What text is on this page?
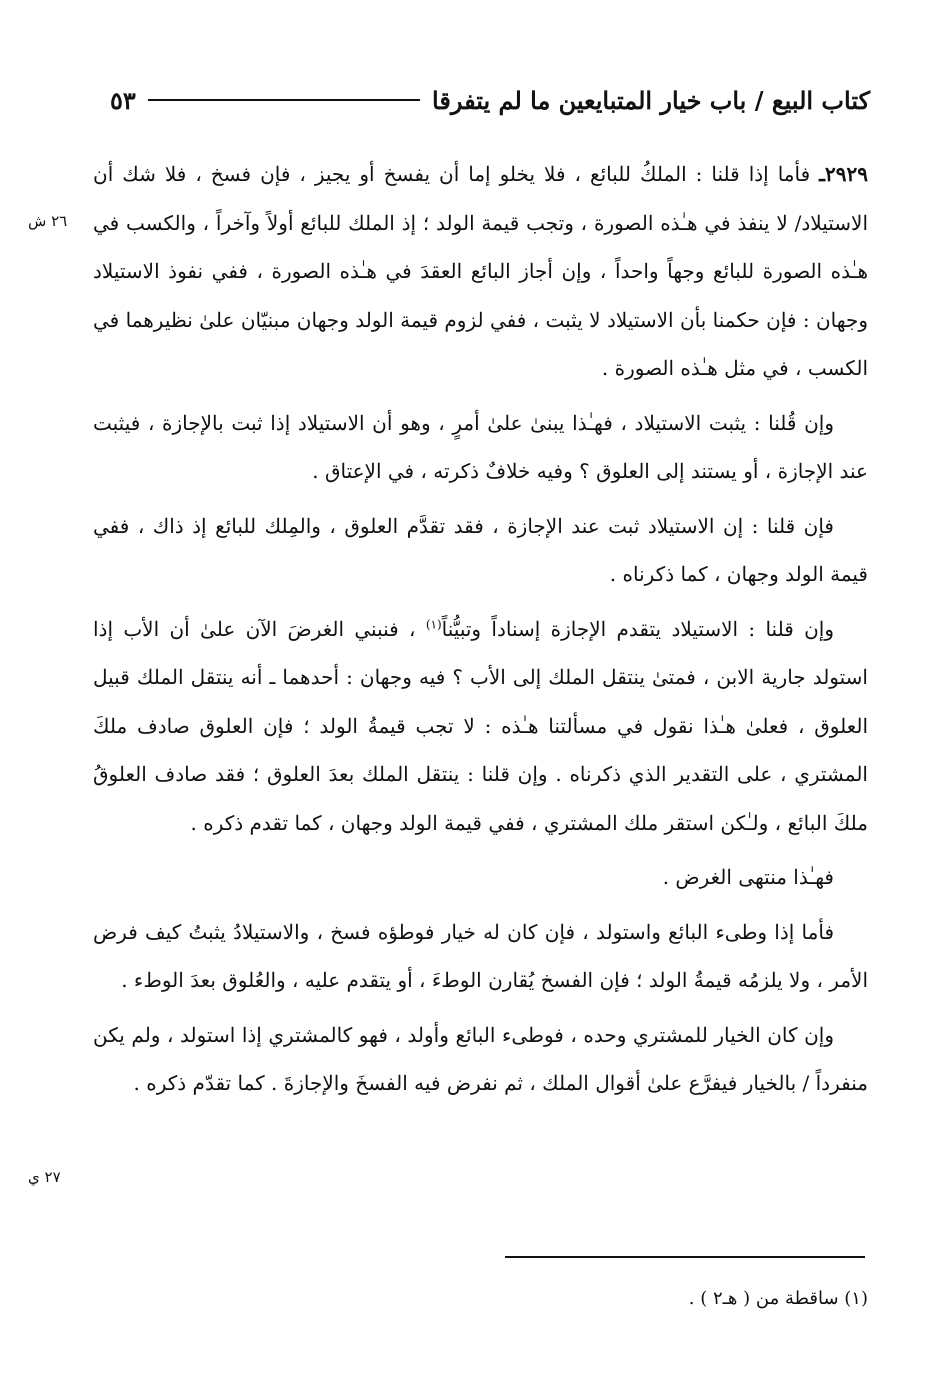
كتاب البيع / باب خيار المتبايعين ما لم يتفرقا
٥٣
٢٦ ش
٢٧ ي

٢٩٢٩ـ فأما إذا قلنا : الملكُ للبائع ، فلا يخلو إما أن يفسخ أو يجيز ، فإن فسخ ، فلا شك أن الاستيلاد/ لا ينفذ في هـٰذه الصورة ، وتجب قيمة الولد ؛ إذ الملك للبائع أولاً وآخراً ، والكسب في هـٰذه الصورة للبائع وجهاً واحداً ، وإن أجاز البائع العقدَ في هـٰذه الصورة ، ففي نفوذ الاستيلاد وجهان : فإن حكمنا بأن الاستيلاد لا يثبت ، ففي لزوم قيمة الولد وجهان مبنيّان علىٰ نظيرهما في الكسب ، في مثل هـٰذه الصورة .

وإن قُلنا : يثبت الاستيلاد ، فهـٰذا يبنىٰ علىٰ أمرٍ ، وهو أن الاستيلاد إذا ثبت بالإجازة ، فيثبت عند الإجازة ، أو يستند إلى العلوق ؟ وفيه خلافٌ ذكرته ، في الإعتاق .

فإن قلنا : إن الاستيلاد ثبت عند الإجازة ، فقد تقدَّم العلوق ، والمِلك للبائع إذ ذاك ، ففي قيمة الولد وجهان ، كما ذكرناه .

وإن قلنا : الاستيلاد يتقدم الإجازة إسناداً وتبيُّناً$^{(١)}$ ، فنبني الغرضَ الآن علىٰ أن الأب إذا استولد جارية الابن ، فمتىٰ ينتقل الملك إلى الأب ؟ فيه وجهان : أحدهما ـ أنه ينتقل الملك قبيل العلوق ، فعلىٰ هـٰذا نقول في مسألتنا هـٰذه : لا تجب قيمةُ الولد ؛ فإن العلوق صادف ملكَ المشتري ، على التقدير الذي ذكرناه . وإن قلنا : ينتقل الملك بعدَ العلوق ؛ فقد صادف العلوقُ ملكَ البائع ، ولـٰكن استقر ملك المشتري ، ففي قيمة الولد وجهان ، كما تقدم ذكره .

فهـٰذا منتهى الغرض .

فأما إذا وطىء البائع واستولد ، فإن كان له خيار فوطؤه فسخ ، والاستيلادُ يثبتُ كيف فرض الأمر ، ولا يلزمُه قيمةُ الولد ؛ فإن الفسخ يُقارن الوطءَ ، أو يتقدم عليه ، والعُلوق بعدَ الوطء .

وإن كان الخيار للمشتري وحده ، فوطىء البائع وأولد ، فهو كالمشتري إذا استولد ، ولم يكن منفرداً / بالخيار فيفرَّع علىٰ أقوال الملك ، ثم نفرض فيه الفسخَ والإجازةَ . كما تقدّم ذكره .

(١) ساقطة من ( هـ٢ ) .
